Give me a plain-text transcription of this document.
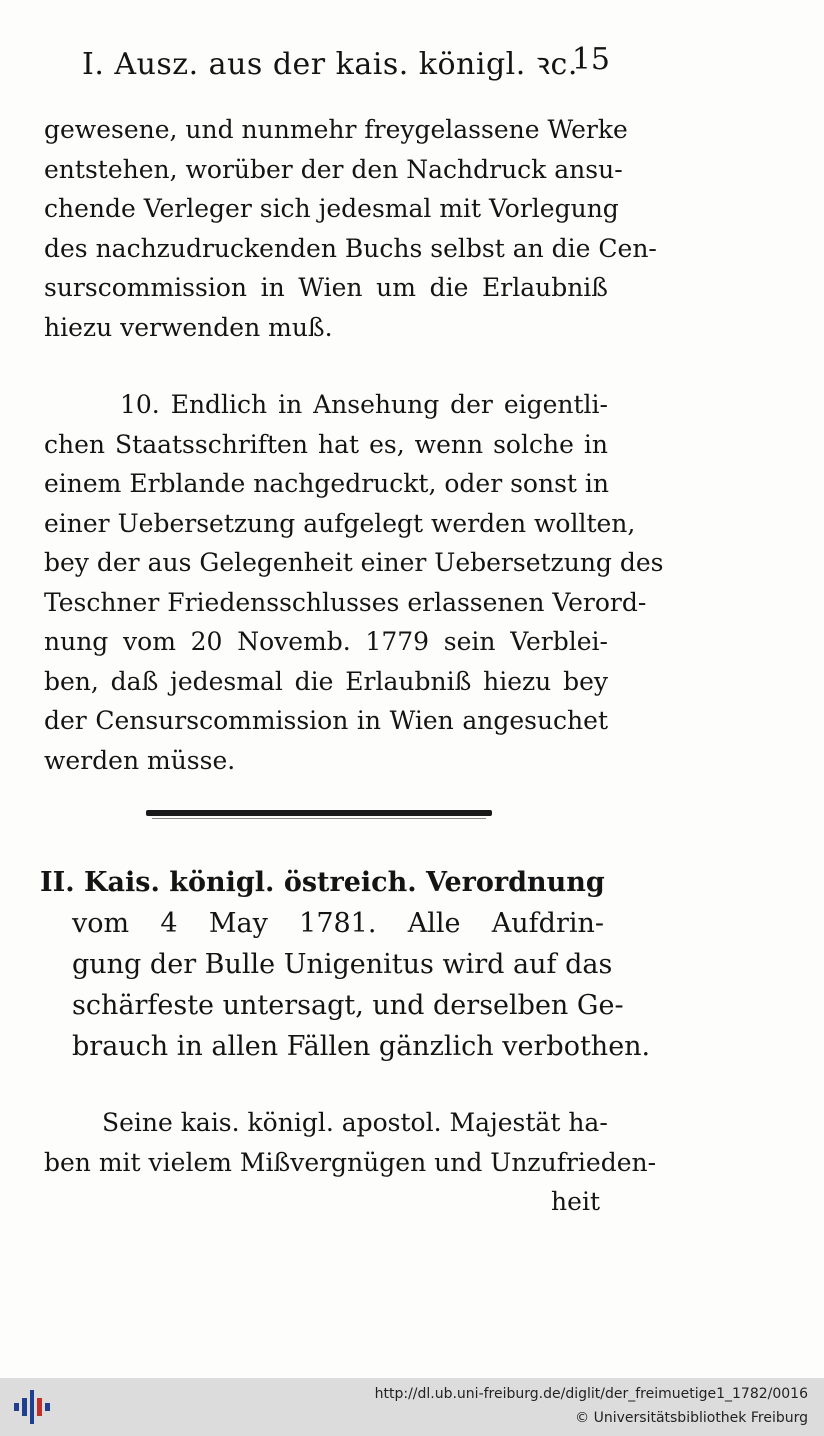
I. Ausz. aus der kais. königl. ꝛc.
15

gewesene, und nunmehr freygelassene Werke
entstehen, worüber der den Nachdruck ansu-
chende Verleger sich jedesmal mit Vorlegung
des nachzudruckenden Buchs selbst an die Cen-
surscommission in Wien um die Erlaubniß
hiezu verwenden muß.

10. Endlich in Ansehung der eigentli-
chen Staatsschriften hat es, wenn solche in
einem Erblande nachgedruckt, oder sonst in
einer Uebersetzung aufgelegt werden wollten,
bey der aus Gelegenheit einer Uebersetzung des
Teschner Friedensschlusses erlassenen Verord-
nung vom 20 Novemb. 1779 sein Verblei-
ben, daß jedesmal die Erlaubniß hiezu bey
der Censurscommission in Wien angesuchet
werden müsse.

II. Kais. königl. östreich. Verordnung
vom 4 May 1781. Alle Aufdrin-
gung der Bulle Unigenitus wird auf das
schärfeste untersagt, und derselben Ge-
brauch in allen Fällen gänzlich verbothen.

Seine kais. königl. apostol. Majestät ha-
ben mit vielem Mißvergnügen und Unzufrieden-
heit

http://dl.ub.uni-freiburg.de/diglit/der_freimuetige1_1782/0016
© Universitätsbibliothek Freiburg
